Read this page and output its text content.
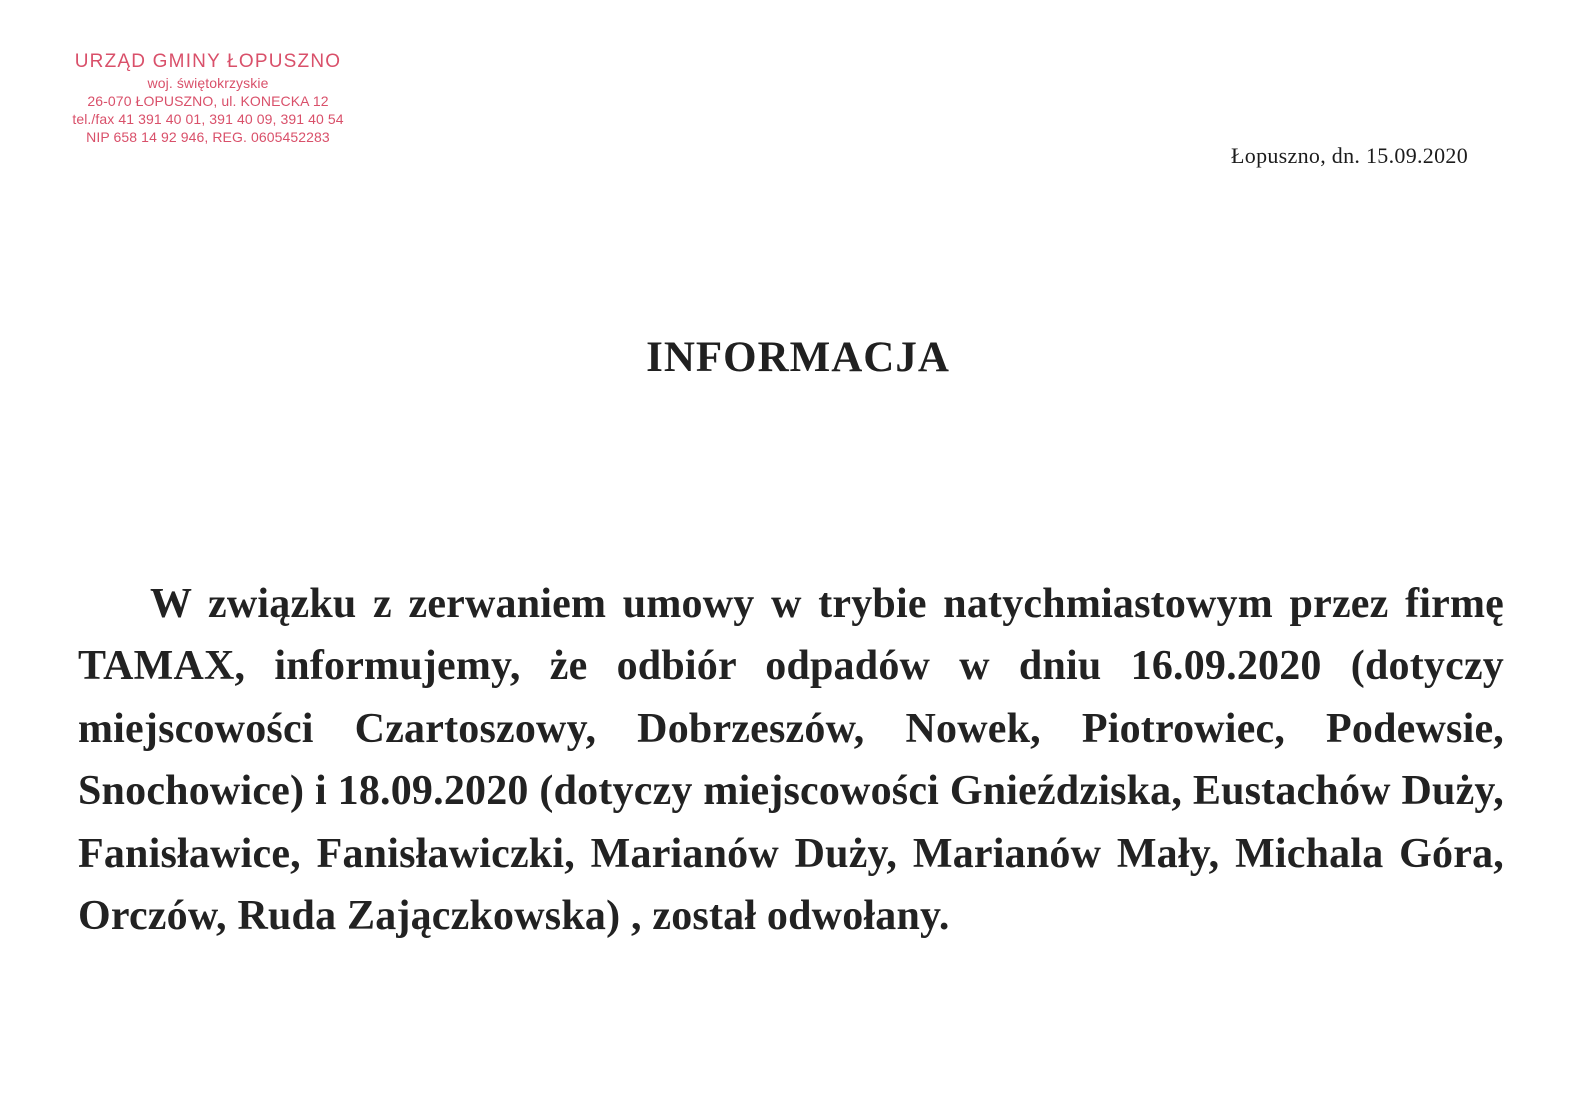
URZĄD GMINY ŁOPUSZNO
woj. świętokrzyskie
26-070 ŁOPUSZNO, ul. KONECKA 12
tel./fax 41 391 40 01, 391 40 09, 391 40 54
NIP 658 14 92 946, REG. 0605452283
Łopuszno, dn. 15.09.2020
INFORMACJA
W związku z zerwaniem umowy w trybie natychmiastowym przez firmę TAMAX, informujemy, że odbiór odpadów w dniu 16.09.2020 (dotyczy miejscowości Czartoszowy, Dobrzeszów, Nowek, Piotrowiec, Podewsie, Snochowice) i 18.09.2020 (dotyczy miejscowości Gnieździska, Eustachów Duży, Fanisławice, Fanisławiczki, Marianów Duży, Marianów Mały, Michala Góra, Orczów, Ruda Zajączkowska) , został odwołany.
